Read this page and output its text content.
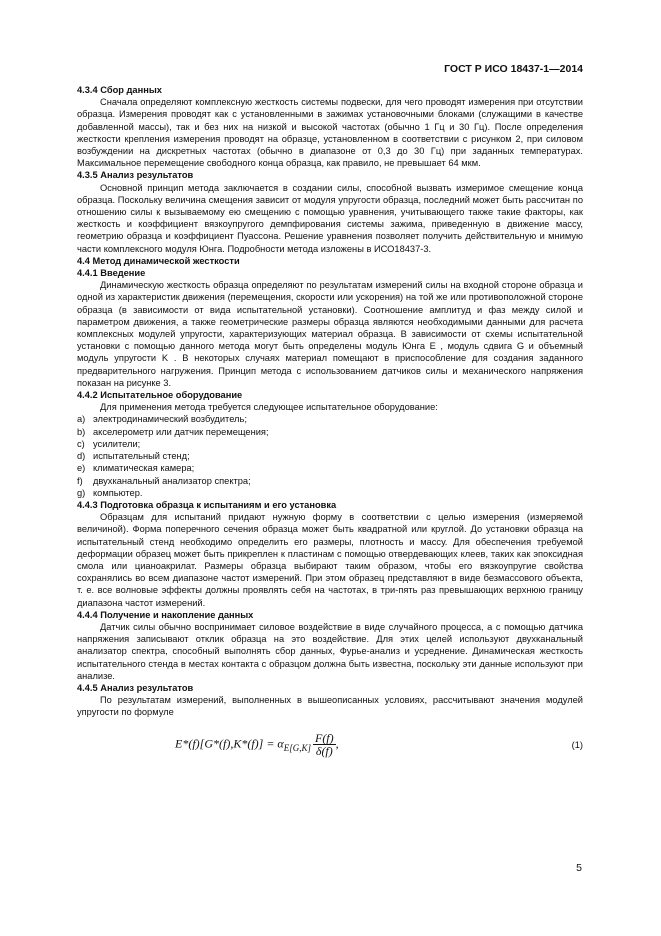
ГОСТ Р ИСО 18437-1—2014
4.3.4 Сбор данных
Сначала определяют комплексную жесткость системы подвески, для чего проводят измерения при отсутствии образца. Измерения проводят как с установленными в зажимах установочными блоками (служащими в качестве добавленной массы), так и без них на низкой и высокой частотах (обычно 1 Гц и 30 Гц). После определения жесткости крепления измерения проводят на образце, установленном в соответствии с рисунком 2, при силовом возбуждении на дискретных частотах (обычно в диапазоне от 0,3 до 30 Гц) при заданных температурах. Максимальное перемещение свободного конца образца, как правило, не превышает 64 мкм.
4.3.5 Анализ результатов
Основной принцип метода заключается в создании силы, способной вызвать измеримое смещение конца образца. Поскольку величина смещения зависит от модуля упругости образца, последний может быть рассчитан по отношению силы к вызываемому ею смещению с помощью уравнения, учитывающего также такие факторы, как жесткость и коэффициент вязкоупругого демпфирования системы зажима, приведенную в движение массу, геометрию образца и коэффициент Пуассона. Решение уравнения позволяет получить действительную и мнимую части комплексного модуля Юнга. Подробности метода изложены в ИСО18437-3.
4.4 Метод динамической жесткости
4.4.1 Введение
Динамическую жесткость образца определяют по результатам измерений силы на входной стороне образца и одной из характеристик движения (перемещения, скорости или ускорения) на той же или противоположной стороне образца (в зависимости от вида испытательной установки). Соотношение амплитуд и фаз между силой и параметром движения, а также геометрические размеры образца являются необходимыми данными для расчета комплексных модулей упругости, характеризующих материал образца. В зависимости от схемы испытательной установки с помощью данного метода могут быть определены модуль Юнга E , модуль сдвига G и объемный модуль упругости K . В некоторых случаях материал помещают в приспособление для создания заданного предварительного нагружения. Принцип метода с использованием датчиков силы и механического напряжения показан на рисунке 3.
4.4.2 Испытательное оборудование
Для применения метода требуется следующее испытательное оборудование:
a) электродинамический возбудитель;
b) акселерометр или датчик перемещения;
c) усилители;
d) испытательный стенд;
e) климатическая камера;
f) двухканальный анализатор спектра;
g) компьютер.
4.4.3 Подготовка образца к испытаниям и его установка
Образцам для испытаний придают нужную форму в соответствии с целью измерения (измеряемой величиной). Форма поперечного сечения образца может быть квадратной или круглой. До установки образца на испытательный стенд необходимо определить его размеры, плотность и массу. Для обеспечения требуемой деформации образец может быть прикреплен к пластинам с помощью отвердевающих клеев, таких как эпоксидная смола или цианоакрилат. Размеры образца выбирают таким образом, чтобы его вязкоупругие свойства сохранялись во всем диапазоне частот измерений. При этом образец представляют в виде безмассового объекта, т. е. все волновые эффекты должны проявлять себя на частотах, в три-пять раз превышающих верхнюю границу диапазона частот измерений.
4.4.4 Получение и накопление данных
Датчик силы обычно воспринимает силовое воздействие в виде случайного процесса, а с помощью датчика напряжения записывают отклик образца на это воздействие. Для этих целей используют двухканальный анализатор спектра, способный выполнять сбор данных, Фурье-анализ и усреднение. Динамическая жесткость испытательного стенда в местах контакта с образцом должна быть известна, поскольку эти данные используют при анализе.
4.4.5 Анализ результатов
По результатам измерений, выполненных в вышеописанных условиях, рассчитывают значения модулей упругости по формуле
$E*(f)[G*(f),K*(f)] = \alpha_{E[G,K]} \frac{F(f)}{\delta(f)}$ ,	(1)
5
